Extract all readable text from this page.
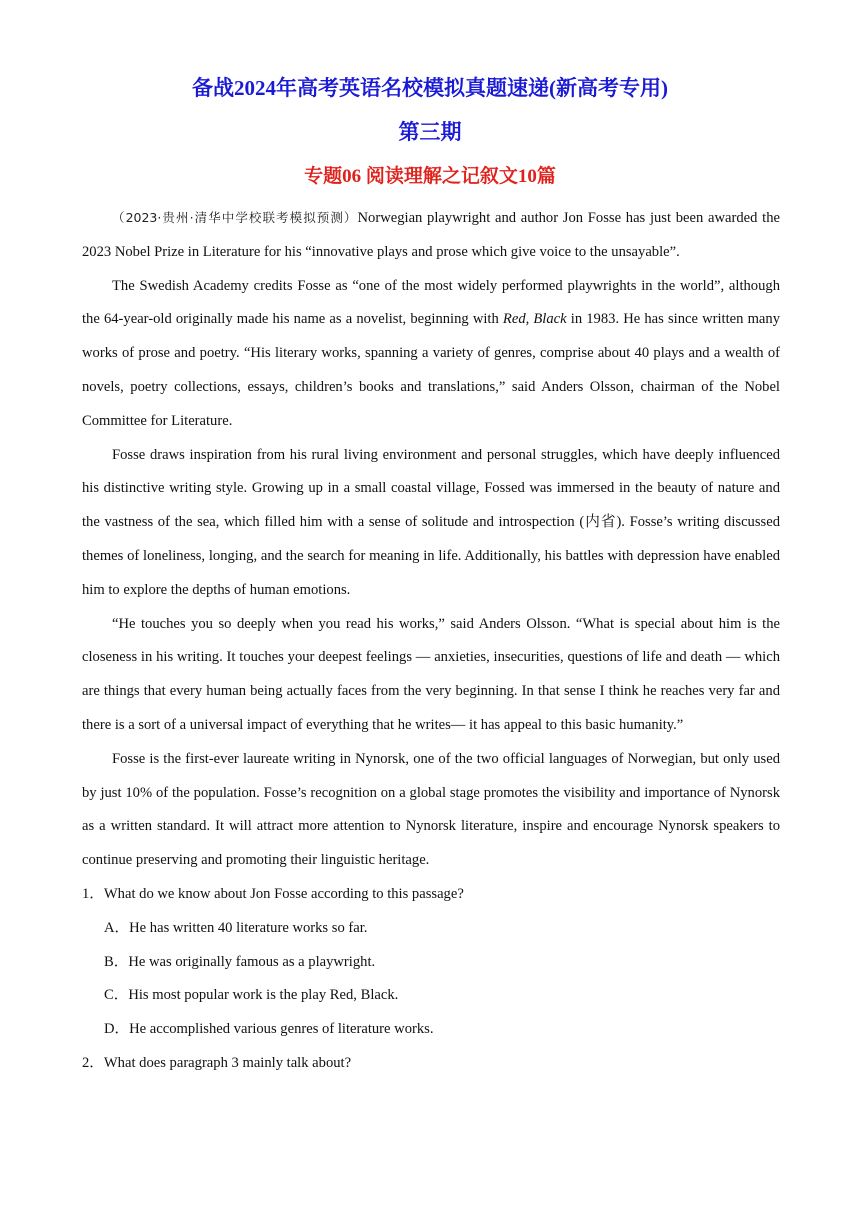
备战2024年高考英语名校模拟真题速递(新高考专用)
第三期
专题06 阅读理解之记叙文10篇

（2023·贵州·清华中学校联考模拟预测）Norwegian playwright and author Jon Fosse has just been awarded the 2023 Nobel Prize in Literature for his “innovative plays and prose which give voice to the unsayable”.

The Swedish Academy credits Fosse as “one of the most widely performed playwrights in the world”, although the 64-year-old originally made his name as a novelist, beginning with Red, Black in 1983. He has since written many works of prose and poetry. “His literary works, spanning a variety of genres, comprise about 40 plays and a wealth of novels, poetry collections, essays, children’s books and translations,” said Anders Olsson, chairman of the Nobel Committee for Literature.

Fosse draws inspiration from his rural living environment and personal struggles, which have deeply influenced his distinctive writing style. Growing up in a small coastal village, Fossed was immersed in the beauty of nature and the vastness of the sea, which filled him with a sense of solitude and introspection (内省). Fosse’s writing discussed themes of loneliness, longing, and the search for meaning in life. Additionally, his battles with depression have enabled him to explore the depths of human emotions.

“He touches you so deeply when you read his works,” said Anders Olsson. “What is special about him is the closeness in his writing. It touches your deepest feelings — anxieties, insecurities, questions of life and death — which are things that every human being actually faces from the very beginning. In that sense I think he reaches very far and there is a sort of a universal impact of everything that he writes— it has appeal to this basic humanity.”

Fosse is the first-ever laureate writing in Nynorsk, one of the two official languages of Norwegian, but only used by just 10% of the population. Fosse’s recognition on a global stage promotes the visibility and importance of Nynorsk as a written standard. It will attract more attention to Nynorsk literature, inspire and encourage Nynorsk speakers to continue preserving and promoting their linguistic heritage.

1．What do we know about Jon Fosse according to this passage?

A．He has written 40 literature works so far.

B．He was originally famous as a playwright.

C．His most popular work is the play Red, Black.

D．He accomplished various genres of literature works.

2．What does paragraph 3 mainly talk about?
